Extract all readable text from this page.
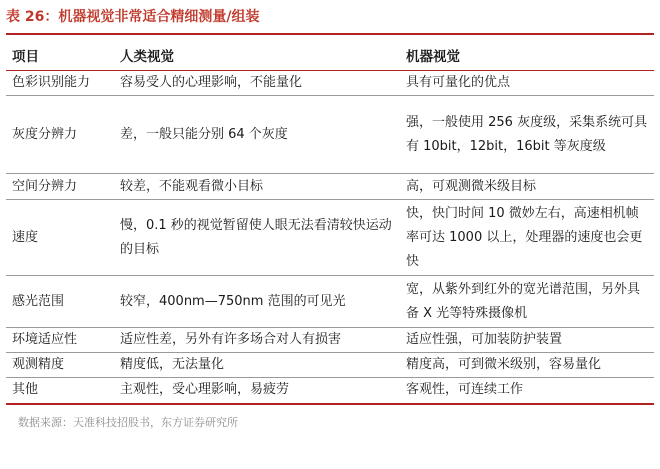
表 26：机器视觉非常适合精细测量/组装
项目	人类视觉	机器视觉
色彩识别能力	容易受人的心理影响，不能量化	具有可量化的优点
灰度分辨力	差，一般只能分别 64 个灰度	强，一般使用 256 灰度级，采集系统可具有 10bit，12bit，16bit 等灰度级
空间分辨力	较差，不能观看微小目标	高，可观测微米级目标
速度	慢，0.1 秒的视觉暂留使人眼无法看清较快运动的目标	快，快门时间 10 微妙左右，高速相机帧率可达 1000 以上，处理器的速度也会更快
感光范围	较窄，400nm—750nm 范围的可见光	宽，从紫外到红外的宽光谱范围，另外具备 X 光等特殊摄像机
环境适应性	适应性差，另外有许多场合对人有损害	适应性强，可加装防护装置
观测精度	精度低，无法量化	精度高，可到微米级别，容易量化
其他	主观性，受心理影响，易疲劳	客观性，可连续工作
数据来源：天准科技招股书，东方证券研究所
